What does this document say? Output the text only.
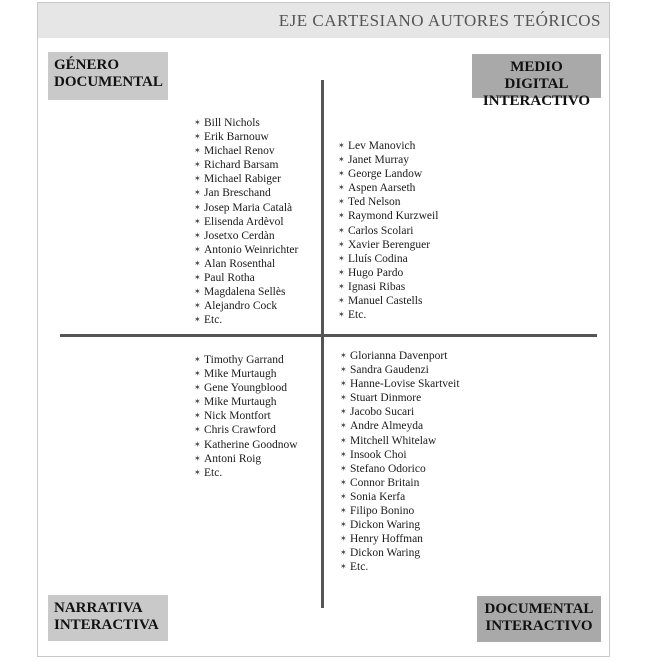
EJE CARTESIANO AUTORES TEÓRICOS
GÉNERO
DOCUMENTAL
MEDIO DIGITAL
INTERACTIVO
NARRATIVA
INTERACTIVA
DOCUMENTAL
INTERACTIVO
✶ Bill Nichols
✶ Erik Barnouw
✶ Michael Renov
✶ Richard Barsam
✶ Michael Rabiger
✶ Jan Breschand
✶ Josep Maria Català
✶ Elisenda Ardèvol
✶ Josetxo Cerdàn
✶ Antonio Weinrichter
✶ Alan Rosenthal
✶ Paul Rotha
✶ Magdalena Sellès
✶ Alejandro Cock
✶ Etc.
✶ Lev Manovich
✶ Janet Murray
✶ George Landow
✶ Aspen Aarseth
✶ Ted Nelson
✶ Raymond Kurzweil
✶ Carlos Scolari
✶ Xavier Berenguer
✶ Lluís Codina
✶ Hugo Pardo
✶ Ignasi Ribas
✶ Manuel Castells
✶ Etc.
✶ Timothy Garrand
✶ Mike Murtaugh
✶ Gene Youngblood
✶ Mike Murtaugh
✶ Nick Montfort
✶ Chris Crawford
✶ Katherine Goodnow
✶ Antoni Roig
✶ Etc.
✶ Glorianna Davenport
✶ Sandra Gaudenzi
✶ Hanne-Lovise Skartveit
✶ Stuart Dinmore
✶ Jacobo Sucari
✶ Andre Almeyda
✶ Mitchell Whitelaw
✶ Insook Choi
✶ Stefano Odorico
✶ Connor Britain
✶ Sonia Kerfa
✶ Filipo Bonino
✶ Dickon Waring
✶ Henry Hoffman
✶ Dickon Waring
✶ Etc.
